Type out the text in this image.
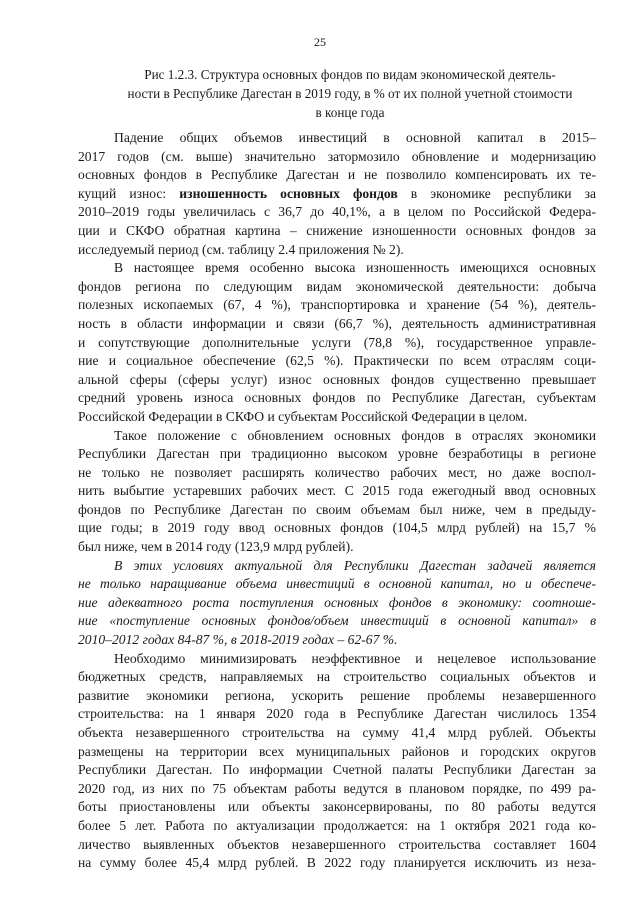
25
Рис 1.2.3. Структура основных фондов по видам экономической деятель-
ности в Республике Дагестан в 2019 году, в % от их полной учетной стоимости
в конце года
Падение общих объемов инвестиций в основной капитал в 2015–
2017 годов (см. выше) значительно затормозило обновление и модернизацию
основных фондов в Республике Дагестан и не позволило компенсировать их те-
кущий износ: изношенность основных фондов в экономике республики за
2010–2019 годы увеличилась с 36,7 до 40,1%, а в целом по Российской Федера-
ции и СКФО обратная картина – снижение изношенности основных фондов за
исследуемый период (см. таблицу 2.4 приложения № 2).
В настоящее время особенно высока изношенность имеющихся основных
фондов региона по следующим видам экономической деятельности: добыча
полезных ископаемых (67, 4 %), транспортировка и хранение (54 %), деятель-
ность в области информации и связи (66,7 %), деятельность административная
и сопутствующие дополнительные услуги (78,8 %), государственное управле-
ние и социальное обеспечение (62,5 %). Практически по всем отраслям соци-
альной сферы (сферы услуг) износ основных фондов существенно превышает
средний уровень износа основных фондов по Республике Дагестан, субъектам
Российской Федерации в СКФО и субъектам Российской Федерации в целом.
Такое положение с обновлением основных фондов в отраслях экономики
Республики Дагестан при традиционно высоком уровне безработицы в регионе
не только не позволяет расширять количество рабочих мест, но даже воспол-
нить выбытие устаревших рабочих мест. С 2015 года ежегодный ввод основных
фондов по Республике Дагестан по своим объемам был ниже, чем в предыду-
щие годы; в 2019 году ввод основных фондов (104,5 млрд рублей) на 15,7 %
был ниже, чем в 2014 году (123,9 млрд рублей).
В этих условиях актуальной для Республики Дагестан задачей является
не только наращивание объема инвестиций в основной капитал, но и обеспече-
ние адекватного роста поступления основных фондов в экономику: соотноше-
ние «поступление основных фондов/объем инвестиций в основной капитал» в
2010–2012 годах 84-87 %, в 2018-2019 годах – 62-67 %.
Необходимо минимизировать неэффективное и нецелевое использование
бюджетных средств, направляемых на строительство социальных объектов и
развитие экономики региона, ускорить решение проблемы незавершенного
строительства: на 1 января 2020 года в Республике Дагестан числилось 1354
объекта незавершенного строительства на сумму 41,4 млрд рублей. Объекты
размещены на территории всех муниципальных районов и городских округов
Республики Дагестан. По информации Счетной палаты Республики Дагестан за
2020 год, из них по 75 объектам работы ведутся в плановом порядке, по 499 ра-
боты приостановлены или объекты законсервированы, по 80 работы ведутся
более 5 лет. Работа по актуализации продолжается: на 1 октября 2021 года ко-
личество выявленных объектов незавершенного строительства составляет 1604
на сумму более 45,4 млрд рублей. В 2022 году планируется исключить из неза-
